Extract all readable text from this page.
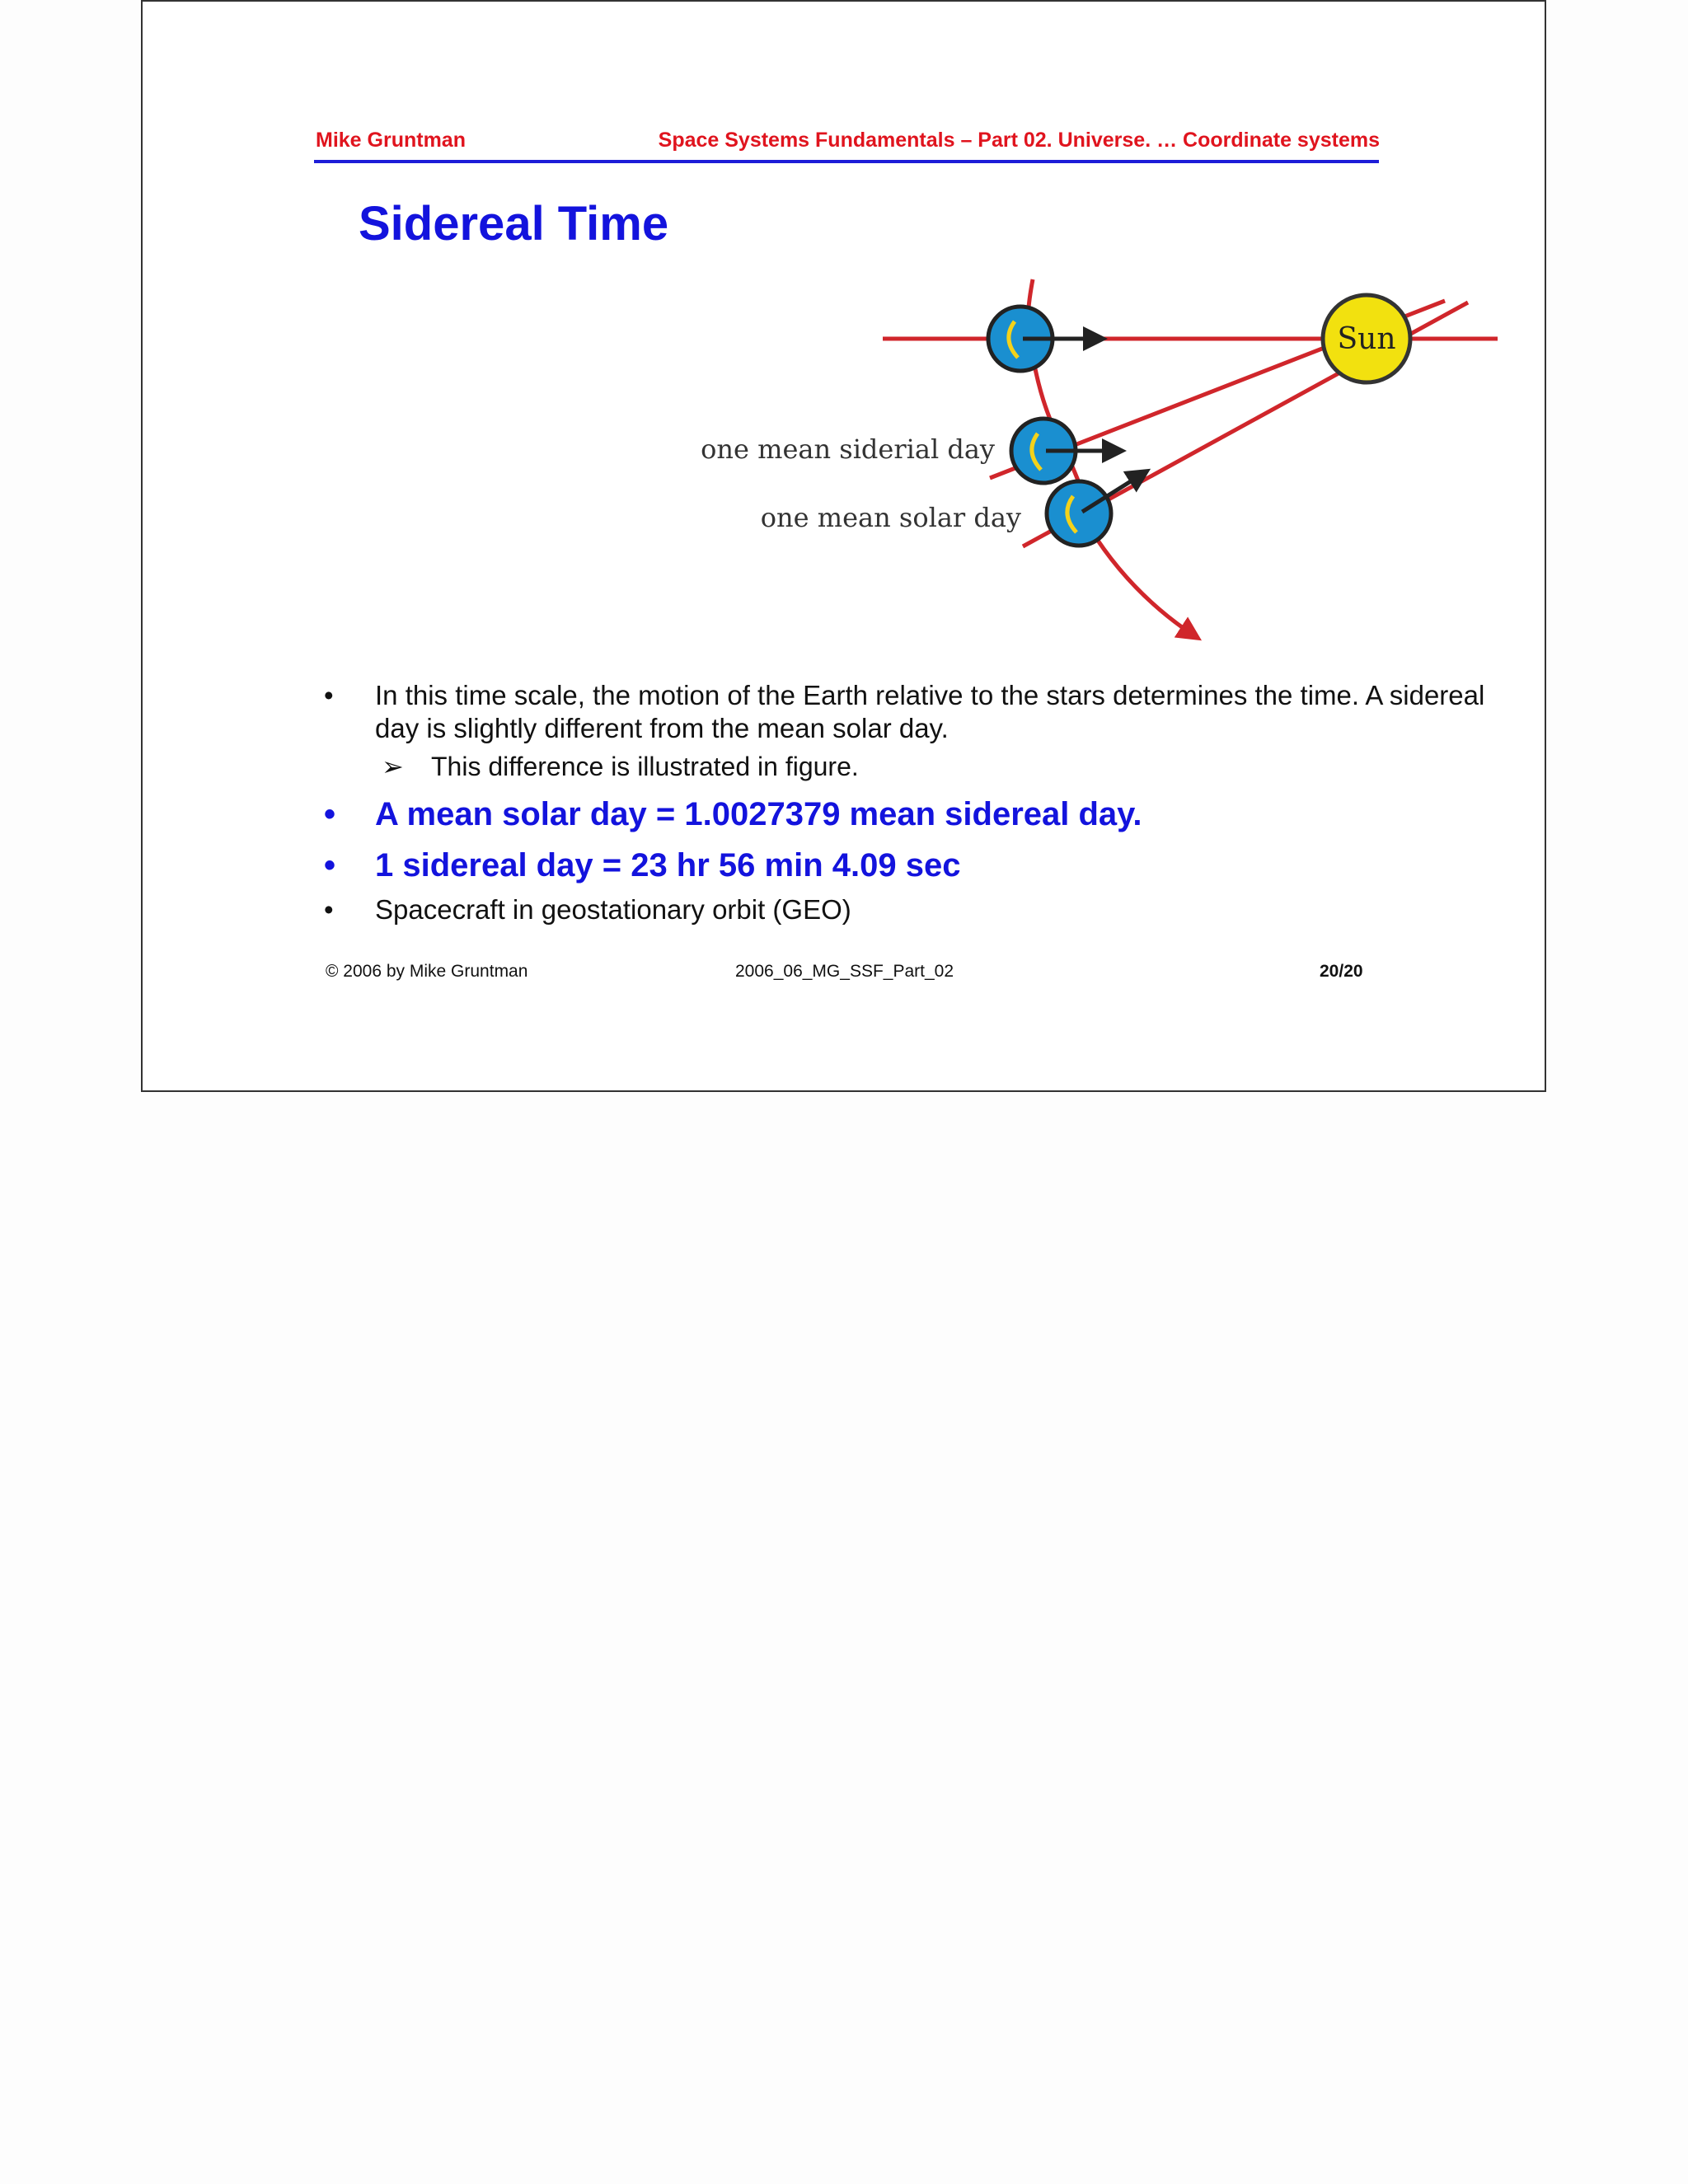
Mike Gruntman	Space Systems Fundamentals – Part 02. Universe. … Coordinate systems
Sidereal Time
Sun
one mean siderial day
one mean solar day
• In this time scale, the motion of the Earth relative to the stars determines the time. A sidereal day is slightly different from the mean solar day.
➢ This difference is illustrated in figure.
• A mean solar day = 1.0027379 mean sidereal day.
• 1 sidereal day = 23 hr 56 min 4.09 sec
• Spacecraft in geostationary orbit (GEO)
© 2006 by Mike Gruntman	2006_06_MG_SSF_Part_02	20/20
